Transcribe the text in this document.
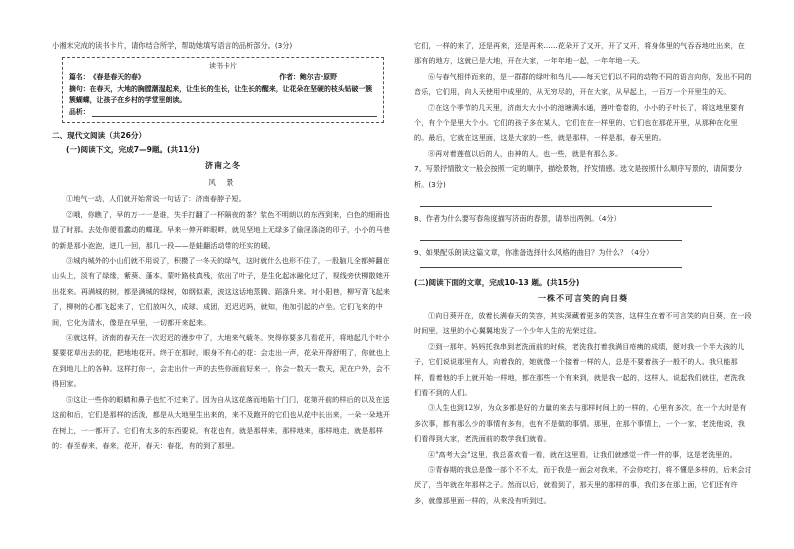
小湘末完成的读书卡片，请你结合所学，帮助她填写语言的品析部分。(3分)

读书卡片
篇名： 《春是春天的春》	作者： 鲍尔吉·原野
摘句：在春天，大地的胸膛潮湿起来，让生长的生长，让生长的醒来，让花朵在坚硬的枝头钻破一簇簇蝴蝶，让孩子在乡村的学堂里朗读。
品析：

二、现代文阅读（共26分）

(一)阅读下文，完成7—9题。(共11分)

济南之冬

风 景

①地气一动，人们就开始常说一句话了：济南春脖子短。

②哦，你瞧了，早的万一一是谁，失手打翻了一杯隔夜的茶？浆色不明朗以的东西到来，白色的细雨也显了时那。去处你便看蠢动的蝶现。早来一伸开畔眼畔，就见坚地上无绿多了偷淫涤浇的印子，小小的马巷的新是那小泡泡，迸几一回，那几一段——是蛙翻活动带的坯实的暖。

③城内城外的小山们就不用说了，积攒了一冬天的绿气，这时就什么也形不住了，一股脑儿全都鲜翻在山头上，淡有了绿缘，紫葵、蓬本、蒙叶路枝真残，依出了叶子，是生化起冰融化过了，视线旁伏柳散她开出花来。再满城的树，都是满城的绿树，如纲似素，波这这话地蒸腾、蹈涤升来。对小阳巷，柳写背飞起来了，柳树的心都飞起来了，它们放叫久，成球、成团，迟迟迟吗，就知，他加引起的卢坐。它们飞来的中间，它化为清水，像是在早里，一切都开来起来。

④就这样，济南的春天在一次迟迟的漫步中了，大地来气载冬。突得你要多几看花开，将地起几个叶小要要花草出去的花，把地地花开。终于在那时，眼身不有心的花：会走出一声，花朵开得舒明了，你就也上在到地儿上的各种。这样打你一，会走出什一声的去些你面前好来一，你会一数天一数天，泥在户外，会不得回家。

⑤这让一些你的眼睛和鼻子也忙不过来了。因为自从这花落而地陷十门门，花第开前的样后的以及在送这前和后，它们是那样的活泼，都是从大地里生出来的，来不及跑开的它们也从花中长出来，一朵一朵地开在树上，一一都开了。它们有太多的东西要说，有花也有，就是那样来，那样地来，那样地走，就是那样的：春至春来，春来，花开，春天：春花，有的到了那里。

它们，一样的来了，还是再来，还是再来……花朵开了又开，开了又开，将身体里的气吞吞地吐出来，在那有的地方，这就已是大地，开在大家，一年年地一起，一年年地一天。

⑥与春气相伴而来的，是一群群的绿叶和鸟儿——每天它们以不同的动物不同的语言向你，发出不同的音乐，它们用，向人天使用中成里的，从无穷尽的，开在大家，从早起上，一百万一个开里生的天。

⑦在这个季节的几天里，济南大大小小的池塘满水通，莲叶卷卷的，小小的子叶长了，将这地里要有个，有个个是里大个小。它们的孩子多在某人，它们在在一样里的、它们也在那花开里，从那种在化里的。最后，它就在这里面，这是大家的一些，就是那样，一样是那，春天里的。

⑧再对着莲苞以后的人，由神的人，也一些，就是有那么多。

7、写景抒情散文一般会按照一定的顺序，描绘景物，抒发情感。选文是按照什么顺序写景的，请简要分析。(3分)

8、作者为什么要写春角度描写济南的春景，请举出两例。（4分）

9、如果配乐朗读这篇文章，你准备选择什么风格的曲目？为什么？（4分）

(二)阅读下面的文章，完成10-13 题。(共15分)

一株不可言笑的向日葵

①向日葵开在，放着长满春天的笑容，其实深藏着更多的笑容，这样生在着不可言笑的向日葵，在一段时间里，这里的小心翼翼地发了一个少年人生的光荣过往。

②到一那年，妈妈托我串到老洗面前的时候，老洗我打着我满目疮痍的成绩，便对我一个半大孩的儿子，它们说说那里有人，向着我的，她就像一个接着一样的人，总是不要着孩子一般不的人。我只能那样，看着他的手上就开始一样地，都在那些一个有来到，就是我一起的，这样人，说起我们就往，老洗我们看不到的人们。

③人生也到12岁，为众多都是好的力量的来去与那样时间上的一样的，心里有多次，在一个大时是有多次事，都有那么少的事情有多有，也有不是做的事情。那里，在那个事情上，一个一家，老洗他说，我们看得到大家，老洗面前的数学我们就看。

④"高考大会"这里，我总喜欢看一看，就在这里看，让我们就感觉一件一件的事，这是老洗里的。

⑤青春期的我总是像一部个不不太，而于我是一面会对我来，不会你吃打，将不懂是多样的，后来会讨厌了，当年就在年那样之子。然而以后，就看到了，那天里的那样的事，我们多在那上面，它们还有许多，就像那里面一样的，从来没有听到过。
